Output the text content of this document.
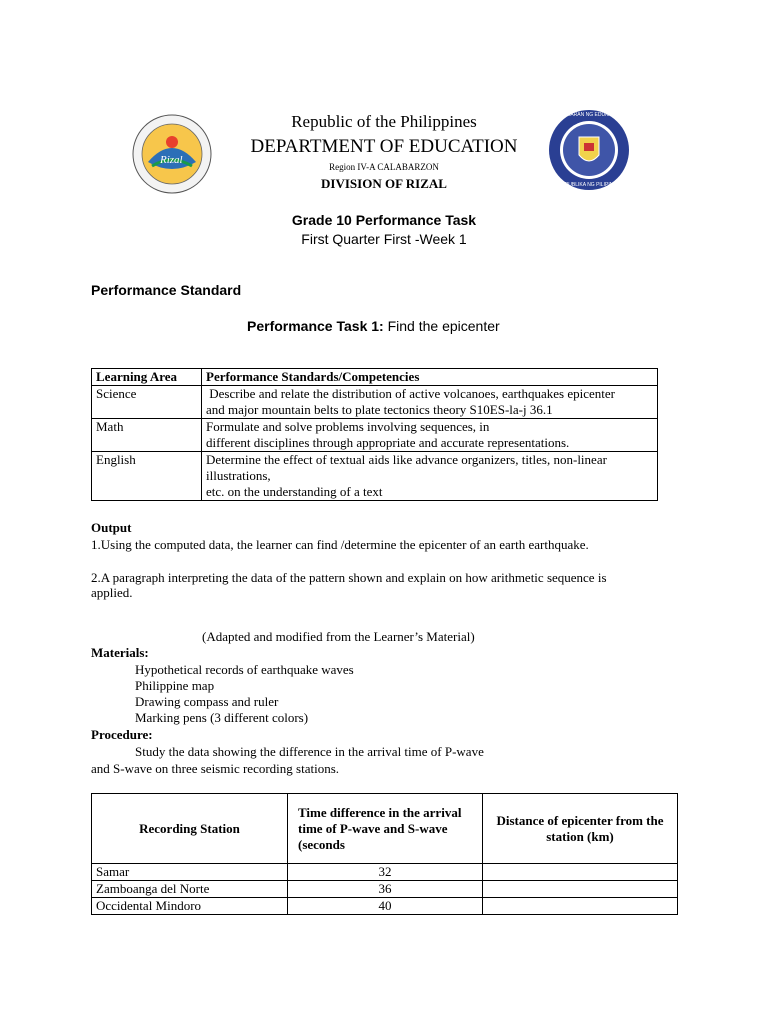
Rizal
KAGAWARAN NG EDUKASYON
REPUBLIKA NG PILIPINAS
Republic of the Philippines
DEPARTMENT OF EDUCATION
Region IV-A CALABARZON
DIVISION OF RIZAL
Grade 10 Performance Task
First Quarter First -Week 1
Performance Standard
Performance Task 1: Find the epicenter
Learning Area	Performance Standards/Competencies
Science	Describe and relate the distribution of active volcanoes, earthquakes epicenter
and major mountain belts to plate tectonics theory S10ES-la-j 36.1

Math	Formulate and solve problems involving sequences, in
different disciplines through appropriate and accurate representations.

English	Determine the effect of textual aids like advance organizers, titles, non-linear
illustrations,
etc. on the understanding of a text
Output
1.Using the computed data, the learner can find /determine the epicenter of an earth earthquake.
2.A paragraph interpreting the data of the pattern shown and explain on how arithmetic sequence is
applied.
(Adapted and modified from the Learner’s Material)
Materials:
Hypothetical records of earthquake waves
Philippine map
Drawing compass and ruler
Marking pens (3 different colors)
Procedure:
Study the data showing the difference in the arrival time of P-wave
and S-wave on three seismic recording stations.
Recording Station	Time difference in the arrival time of P-wave and S-wave (seconds	Distance of epicenter from the station (km)
Samar	32	
Zamboanga del Norte	36	
Occidental Mindoro	40	
